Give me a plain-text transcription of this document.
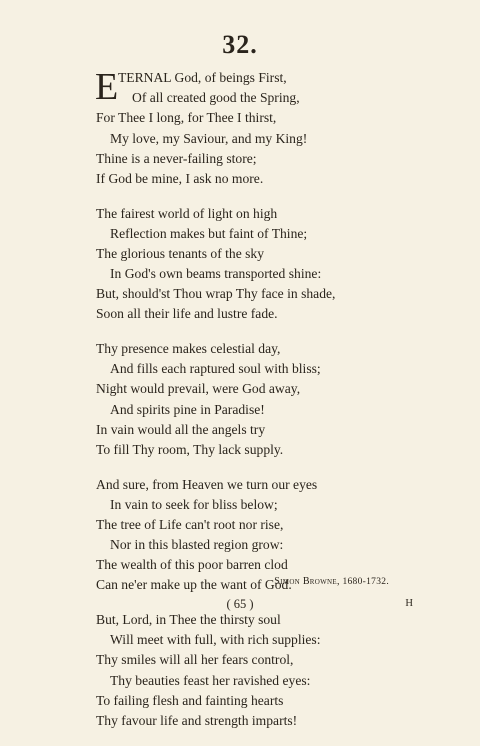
32.
E TERNAL God, of beings First,
Of all created good the Spring,
For Thee I long, for Thee I thirst,
My love, my Saviour, and my King!
Thine is a never-failing store;
If God be mine, I ask no more.
The fairest world of light on high
Reflection makes but faint of Thine;
The glorious tenants of the sky
In God's own beams transported shine:
But, should'st Thou wrap Thy face in shade,
Soon all their life and lustre fade.
Thy presence makes celestial day,
And fills each raptured soul with bliss;
Night would prevail, were God away,
And spirits pine in Paradise!
In vain would all the angels try
To fill Thy room, Thy lack supply.
And sure, from Heaven we turn our eyes
In vain to seek for bliss below;
The tree of Life can't root nor rise,
Nor in this blasted region grow:
The wealth of this poor barren clod
Can ne'er make up the want of God.
But, Lord, in Thee the thirsty soul
Will meet with full, with rich supplies:
Thy smiles will all her fears control,
Thy beauties feast her ravished eyes:
To failing flesh and fainting hearts
Thy favour life and strength imparts!
Simon Browne, 1680-1732.
( 65 )	H
